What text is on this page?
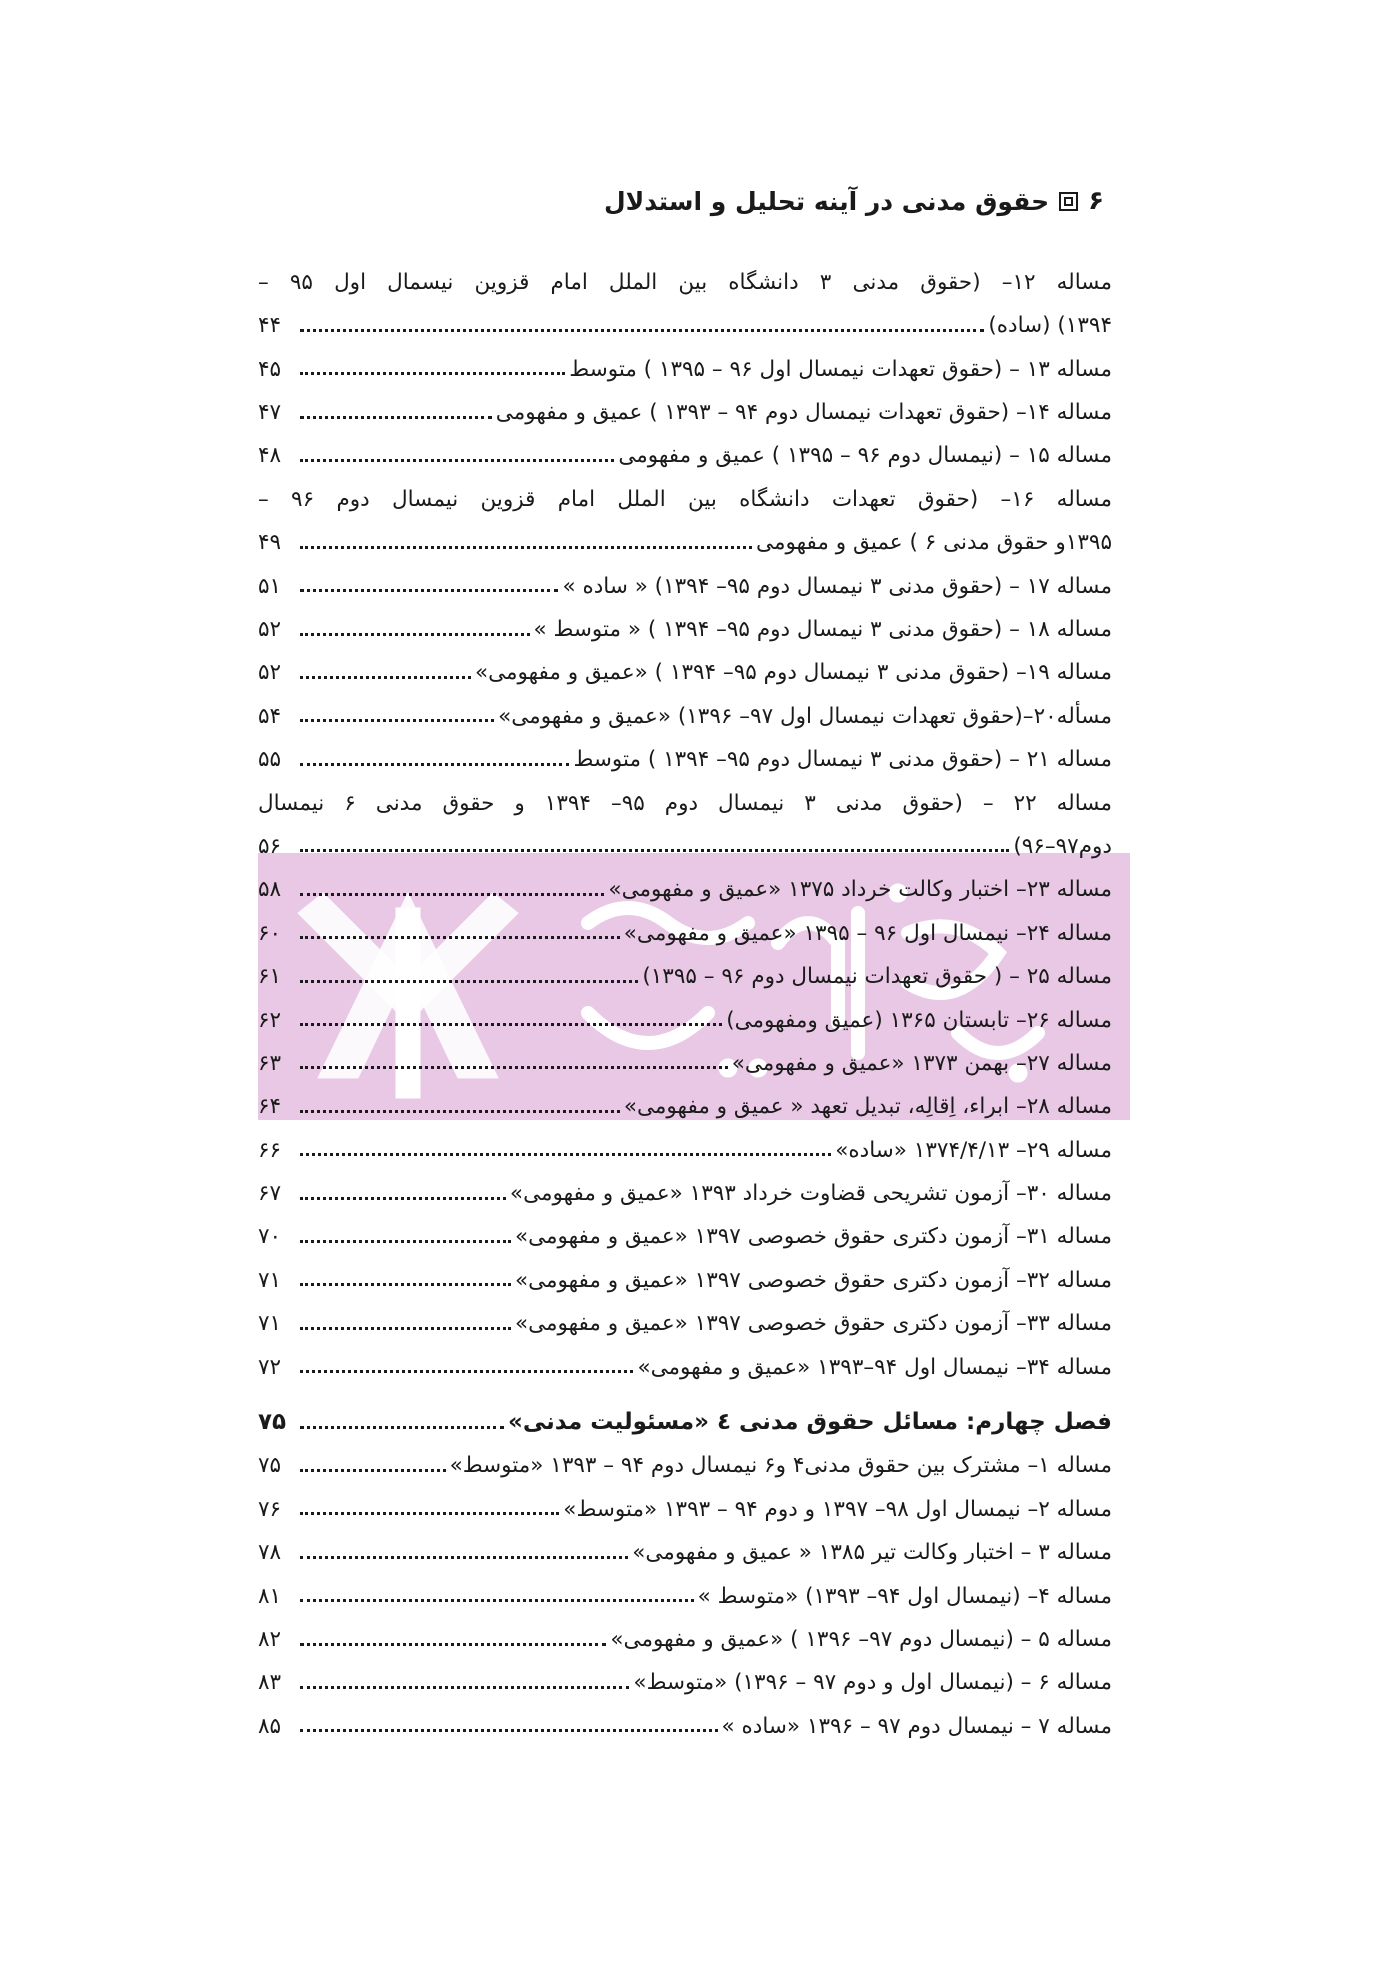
۶
حقوق مدنی در آینه تحلیل و استدلال
مساله ۱۲– (حقوق مدنی ۳ دانشگاه بین الملل امام قزوین نیسمال اول ۹۵ –
۱۳۹۴) (ساده)
۴۴
مساله ۱۳ – (حقوق تعهدات نیمسال اول ۹۶ – ۱۳۹۵ ) متوسط
۴۵
مساله ۱۴– (حقوق تعهدات نیمسال دوم ۹۴ – ۱۳۹۳ ) عمیق و مفهومی
۴۷
مساله ۱۵ – (نیمسال دوم ۹۶ – ۱۳۹۵ ) عمیق و مفهومی
۴۸
مساله ۱۶– (حقوق تعهدات دانشگاه بین الملل امام قزوین نیمسال دوم ۹۶ –
۱۳۹۵و حقوق مدنی ۶ ) عمیق و مفهومی
۴۹
مساله ۱۷ – (حقوق مدنی ۳ نیمسال دوم ۹۵– ۱۳۹۴) « ساده »
۵۱
مساله ۱۸ – (حقوق مدنی ۳ نیمسال دوم ۹۵– ۱۳۹۴ ) « متوسط »
۵۲
مساله ۱۹– (حقوق مدنی ۳ نیمسال دوم ۹۵– ۱۳۹۴ ) «عمیق و مفهومی»
۵۲
مسأله۲۰–(حقوق تعهدات نیمسال اول ۹۷– ۱۳۹۶) «عمیق و مفهومی»
۵۴
مساله ۲۱ – (حقوق مدنی ۳ نیمسال دوم ۹۵– ۱۳۹۴ ) متوسط
۵۵
مساله ۲۲ – (حقوق مدنی ۳ نیمسال دوم ۹۵– ۱۳۹۴ و حقوق مدنی ۶ نیمسال
دوم۹۷–۹۶)
۵۶
مساله ۲۳– اختبار وکالت خرداد ۱۳۷۵ «عمیق و مفهومی»
۵۸
مساله ۲۴– نیمسال اول ۹۶ – ۱۳۹۵ «عمیق و مفهومی»
۶۰
مساله ۲۵ – ( حقوق تعهدات نیمسال دوم ۹۶ – ۱۳۹۵)
۶۱
مساله ۲۶– تابستان ۱۳۶۵ (عمیق ومفهومی)
۶۲
مساله ۲۷– بهمن ۱۳۷۳ «عمیق و مفهومی»
۶۳
مساله ۲۸– ابراء، اِقالِه، تبدیل تعهد « عمیق و مفهومی»
۶۴
مساله ۲۹– ۱۳۷۴/۴/۱۳ «ساده»
۶۶
مساله ۳۰– آزمون تشریحی قضاوت خرداد ۱۳۹۳ «عمیق و مفهومی»
۶۷
مساله ۳۱– آزمون دکتری حقوق خصوصی ۱۳۹۷ «عمیق و مفهومی»
۷۰
مساله ۳۲– آزمون دکتری حقوق خصوصی ۱۳۹۷ «عمیق و مفهومی»
۷۱
مساله ۳۳– آزمون دکتری حقوق خصوصی ۱۳۹۷ «عمیق و مفهومی»
۷۱
مساله ۳۴– نیمسال اول ۹۴–۱۳۹۳ «عمیق و مفهومی»
۷۲
فصل چهارم: مسائل حقوق مدنی ٤ «مسئولیت مدنی»
۷۵
مساله ۱– مشترک بین حقوق مدنی۴ و۶ نیمسال دوم ۹۴ – ۱۳۹۳ «متوسط»
۷۵
مساله ۲– نیمسال اول ۹۸– ۱۳۹۷ و دوم ۹۴ – ۱۳۹۳ «متوسط»
۷۶
مساله ۳ – اختبار وکالت تیر ۱۳۸۵ « عمیق و مفهومی»
۷۸
مساله ۴– (نیمسال اول ۹۴– ۱۳۹۳) «متوسط »
۸۱
مساله ۵ – (نیمسال دوم ۹۷– ۱۳۹۶ ) «عمیق و مفهومی»
۸۲
مساله ۶ – (نیمسال اول و دوم ۹۷ – ۱۳۹۶) «متوسط»
۸۳
مساله ۷ – نیمسال دوم ۹۷ – ۱۳۹۶ «ساده »
۸۵
